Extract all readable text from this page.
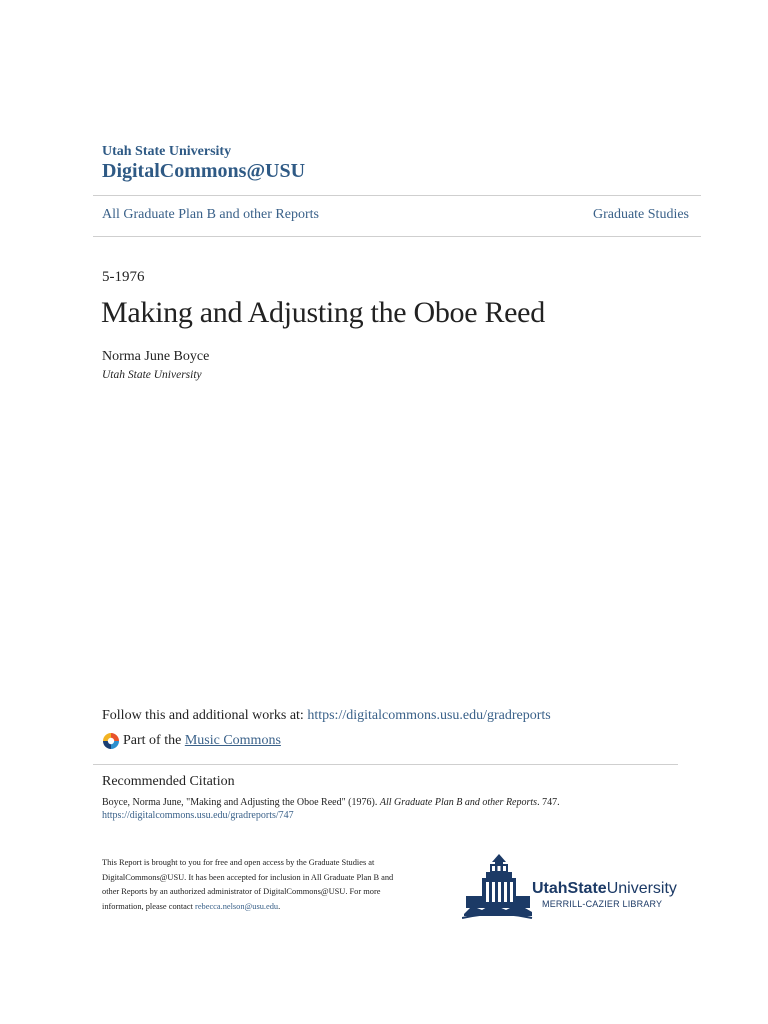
Utah State University
DigitalCommons@USU
All Graduate Plan B and other Reports	Graduate Studies
5-1976
Making and Adjusting the Oboe Reed
Norma June Boyce
Utah State University
Follow this and additional works at: https://digitalcommons.usu.edu/gradreports
Part of the
Music Commons
Recommended Citation
Boyce, Norma June, "Making and Adjusting the Oboe Reed" (1976). All Graduate Plan B and other Reports. 747.
https://digitalcommons.usu.edu/gradreports/747
This Report is brought to you for free and open access by the Graduate Studies at DigitalCommons@USU. It has been accepted for inclusion in All Graduate Plan B and other Reports by an authorized administrator of DigitalCommons@USU. For more information, please contact rebecca.nelson@usu.edu.
UtahStateUniversity
MERRILL-CAZIER LIBRARY
